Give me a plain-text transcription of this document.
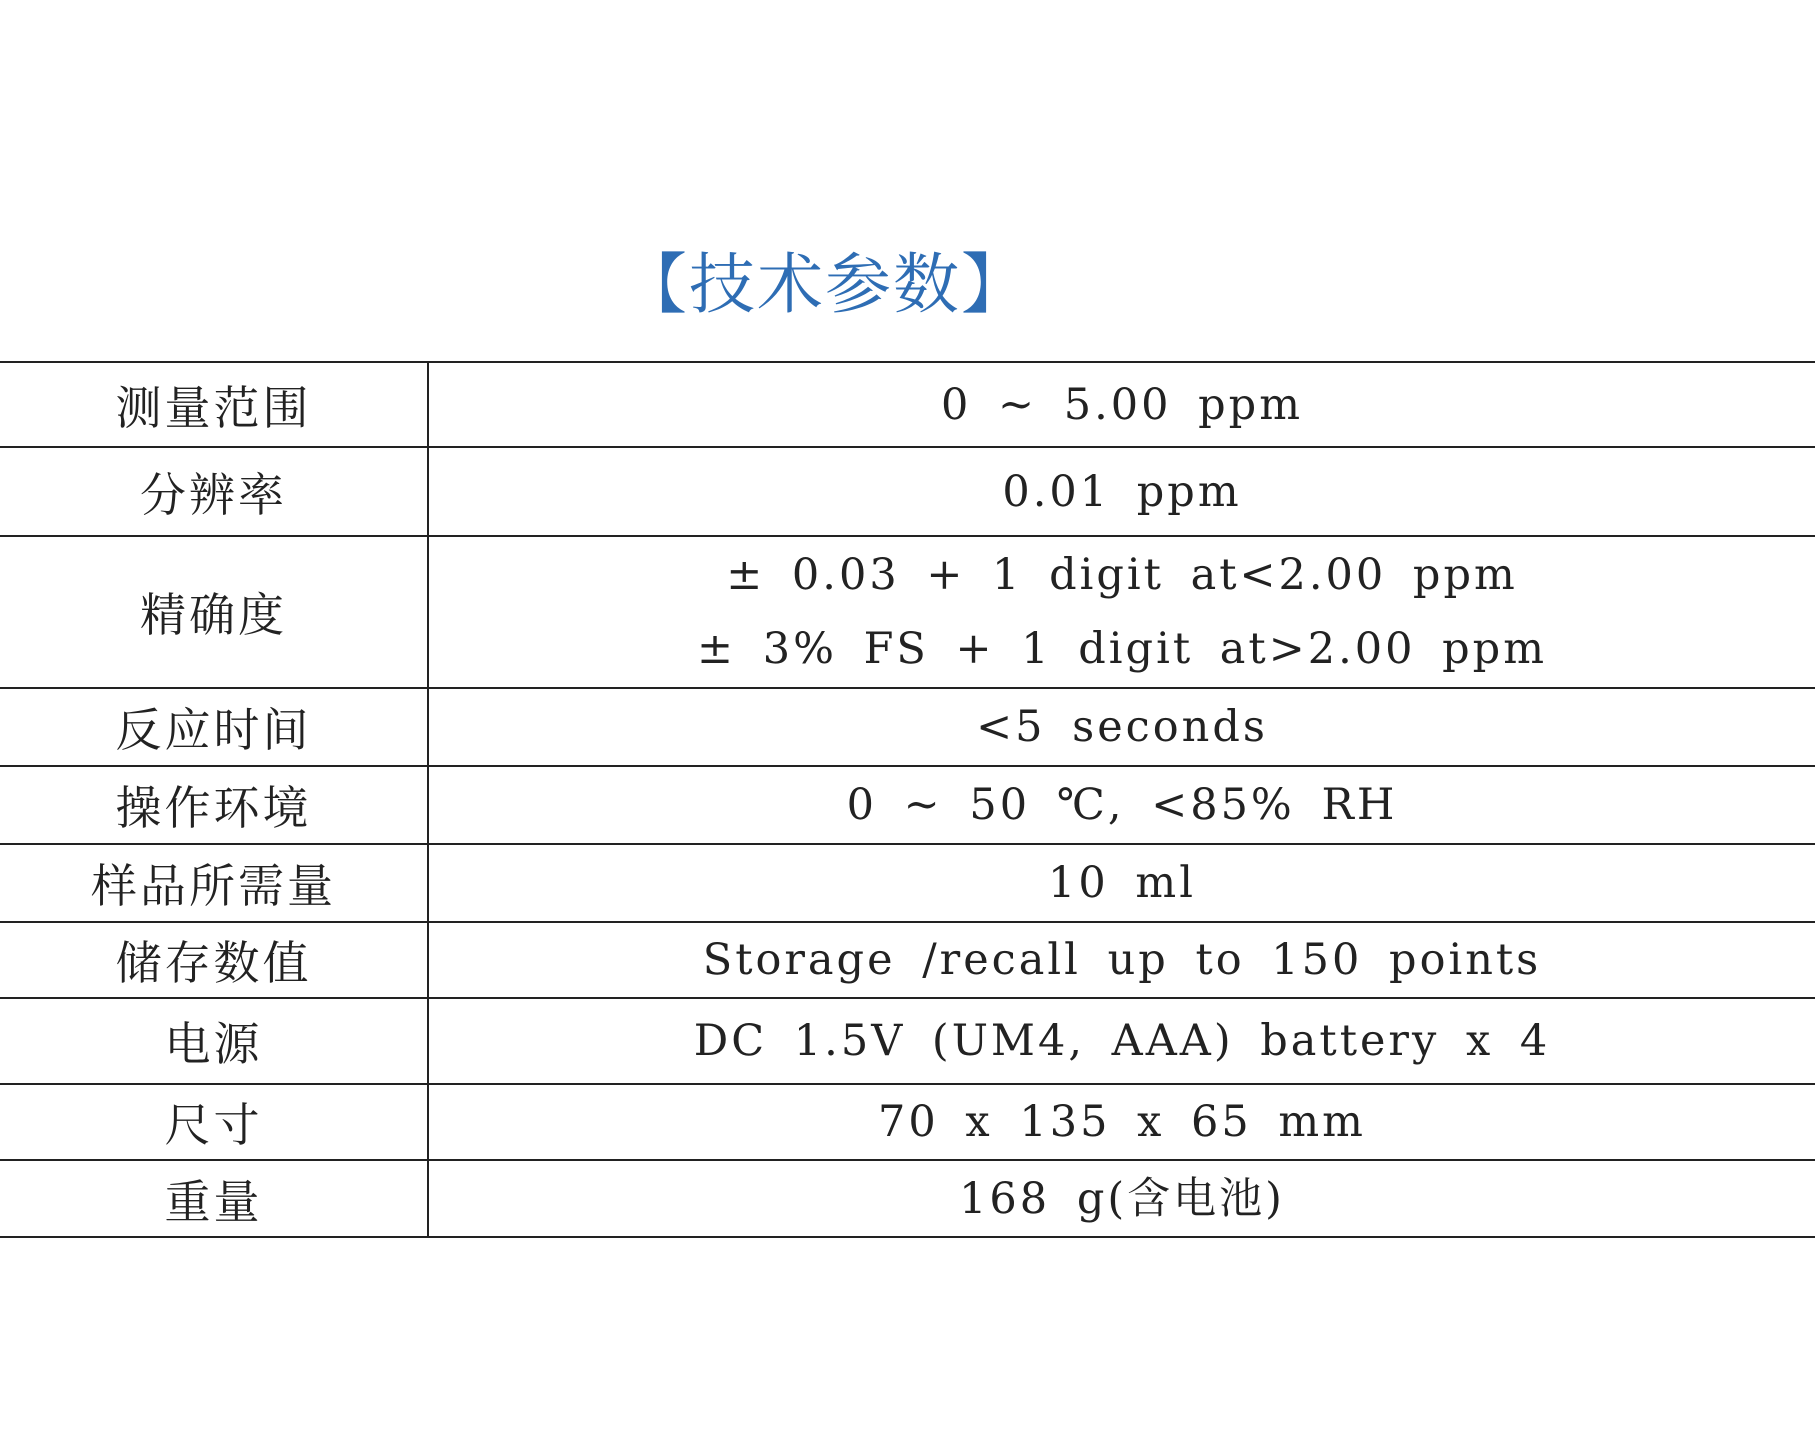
【技术参数】
测量范围	0 ~ 5.00 ppm

分辨率	0.01 ppm

精确度	± 0.03 + 1 digit at<2.00 ppm
± 3% FS + 1 digit at>2.00 ppm

反应时间	<5 seconds

操作环境	0 ~ 50 ℃, <85% RH

样品所需量	10 ml

储存数值	Storage /recall up to 150 points

电源	DC 1.5V (UM4, AAA) battery x 4

尺寸	70 x 135 x 65 mm

重量	168 g(含电池)
